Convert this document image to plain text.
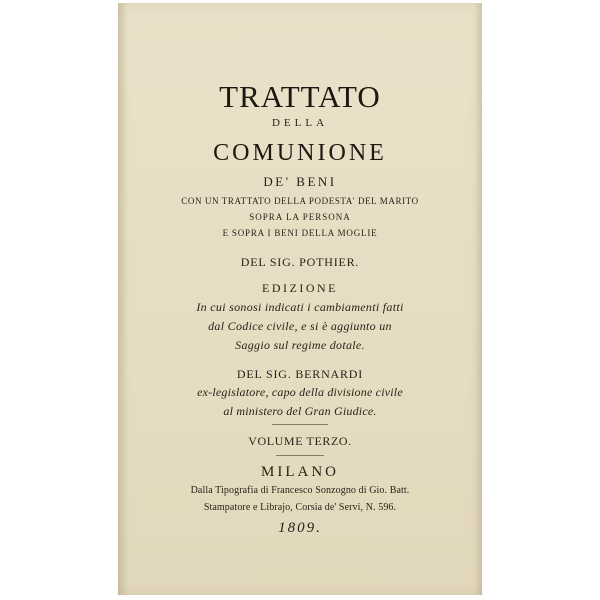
TRATTATO
DELLA
COMUNIONE
DE' BENI
CON UN TRATTATO DELLA PODESTA' DEL MARITO
SOPRA LA PERSONA
E SOPRA I BENI DELLA MOGLIE
DEL SIG. POTHIER.
EDIZIONE
In cui sonosi indicati i cambiamenti fatti
dal Codice civile, e si è aggiunto un
Saggio sul regime dotale.
DEL SIG. BERNARDI
ex-legislatore, capo della divisione civile
al ministero del Gran Giudice.
VOLUME TERZO.
MILANO
Dalla Tipografia di Francesco Sonzogno di Gio. Batt.
Stampatore e Librajo, Corsia de' Servi, N. 596.
1809.
